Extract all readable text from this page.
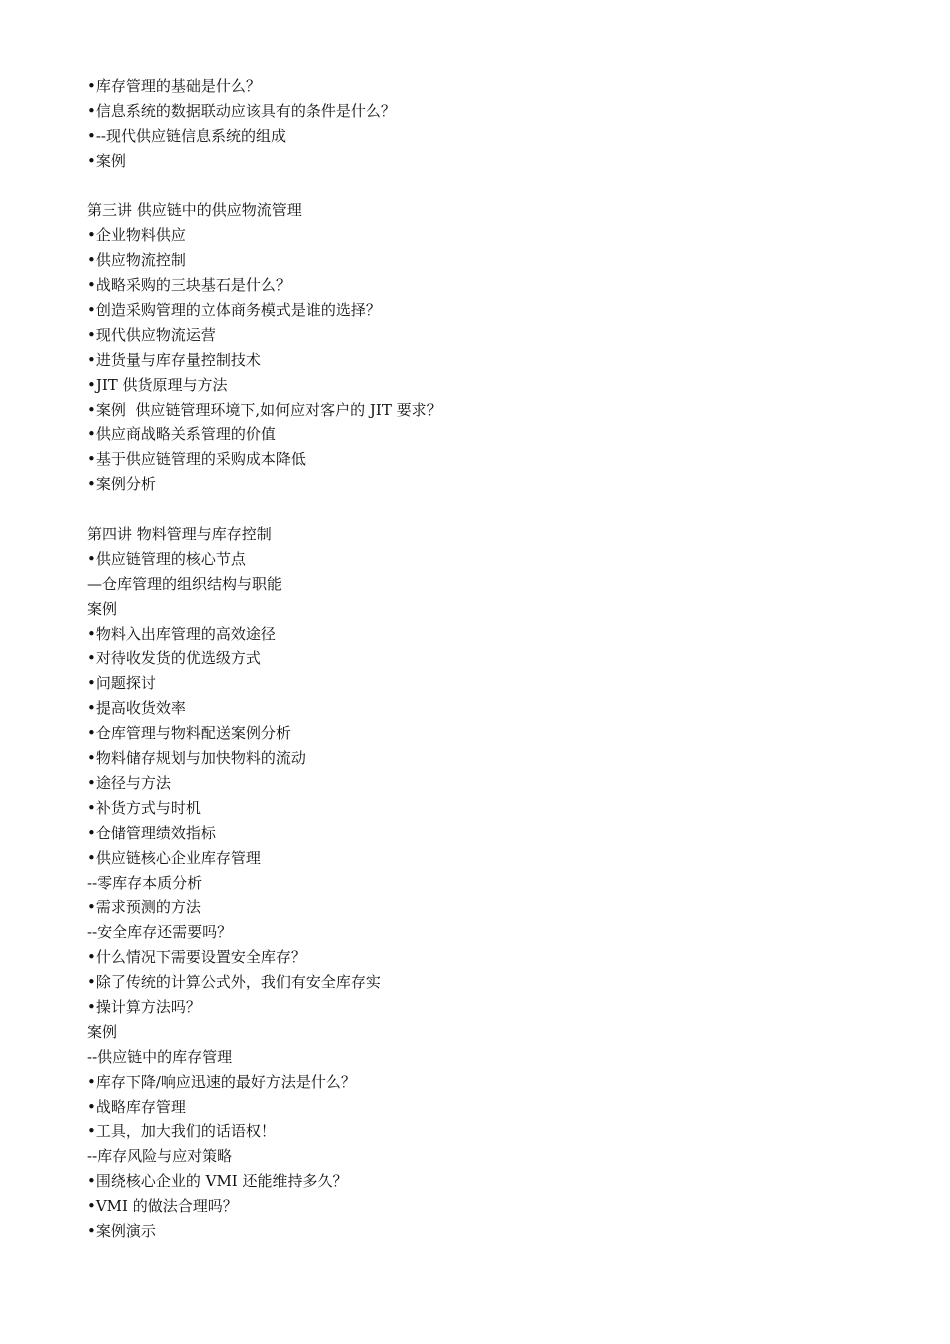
•库存管理的基础是什么？
•信息系统的数据联动应该具有的条件是什么？
•--现代供应链信息系统的组成
•案例
第三讲 供应链中的供应物流管理
•企业物料供应
•供应物流控制
•战略采购的三块基石是什么？
•创造采购管理的立体商务模式是谁的选择？
•现代供应物流运营
•进货量与库存量控制技术
•JIT 供货原理与方法
•案例  供应链管理环境下,如何应对客户的 JIT 要求？
•供应商战略关系管理的价值
•基于供应链管理的采购成本降低
•案例分析
第四讲 物料管理与库存控制
•供应链管理的核心节点
—仓库管理的组织结构与职能
案例
•物料入出库管理的高效途径
•对待收发货的优选级方式
•问题探讨
•提高收货效率
•仓库管理与物料配送案例分析
•物料储存规划与加快物料的流动
•途径与方法
•补货方式与时机
•仓储管理绩效指标
•供应链核心企业库存管理
--零库存本质分析
•需求预测的方法
--安全库存还需要吗？
•什么情况下需要设置安全库存？
•除了传统的计算公式外，我们有安全库存实
•操计算方法吗？
案例
--供应链中的库存管理
•库存下降/响应迅速的最好方法是什么？
•战略库存管理
•工具，加大我们的话语权！
--库存风险与应对策略
•围绕核心企业的 VMI 还能维持多久？
•VMI 的做法合理吗？
•案例演示
